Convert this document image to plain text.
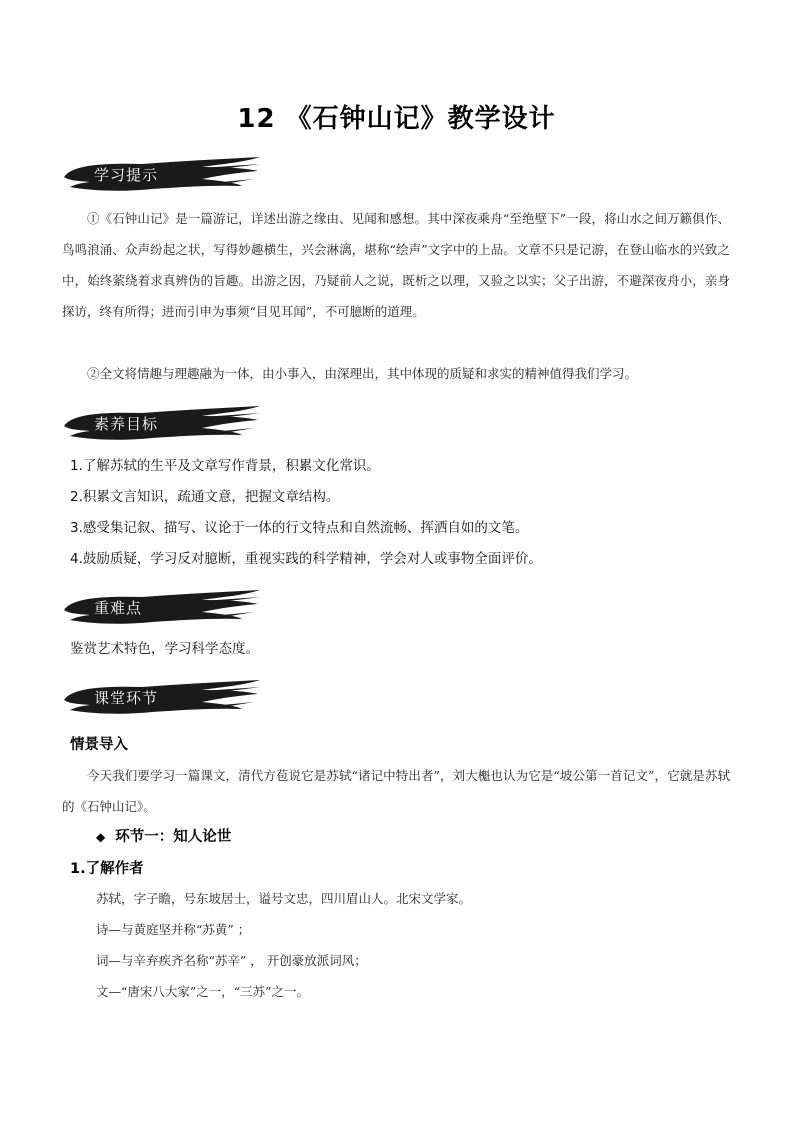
12 《石钟山记》教学设计
学习提示
①《石钟山记》是一篇游记，详述出游之缘由、见闻和感想。其中深夜乘舟“至绝壁下”一段，将山水之间万籁俱作、鸟鸣浪涌、众声纷起之状，写得妙趣横生，兴会淋漓，堪称“绘声”文字中的上品。文章不只是记游，在登山临水的兴致之中，始终萦绕着求真辨伪的旨趣。出游之因，乃疑前人之说，既析之以理，又验之以实；父子出游，不避深夜舟小，亲身探访，终有所得；进而引申为事须“目见耳闻”，不可臆断的道理。
②全文将情趣与理趣融为一体，由小事入，由深理出，其中体现的质疑和求实的精神值得我们学习。
素养目标
1.了解苏轼的生平及文章写作背景，积累文化常识。
2.积累文言知识，疏通文意，把握文章结构。
3.感受集记叙、描写、议论于一体的行文特点和自然流畅、挥洒自如的文笔。
4.鼓励质疑，学习反对臆断，重视实践的科学精神，学会对人或事物全面评价。
重难点
鉴赏艺术特色，学习科学态度。
课堂环节
情景导入
今天我们要学习一篇课文，清代方苞说它是苏轼“诸记中特出者”，刘大櫆也认为它是“坡公第一首记文”，它就是苏轼的《石钟山记》。
◆ 环节一：知人论世
1.了解作者
苏轼，字子瞻，号东坡居士，谥号文忠，四川眉山人。北宋文学家。
诗—与黄庭坚并称“苏黄” ；
词—与辛弃疾齐名称“苏辛” ， 开创豪放派词风；
文—“唐宋八大家”之一，“三苏”之一。
